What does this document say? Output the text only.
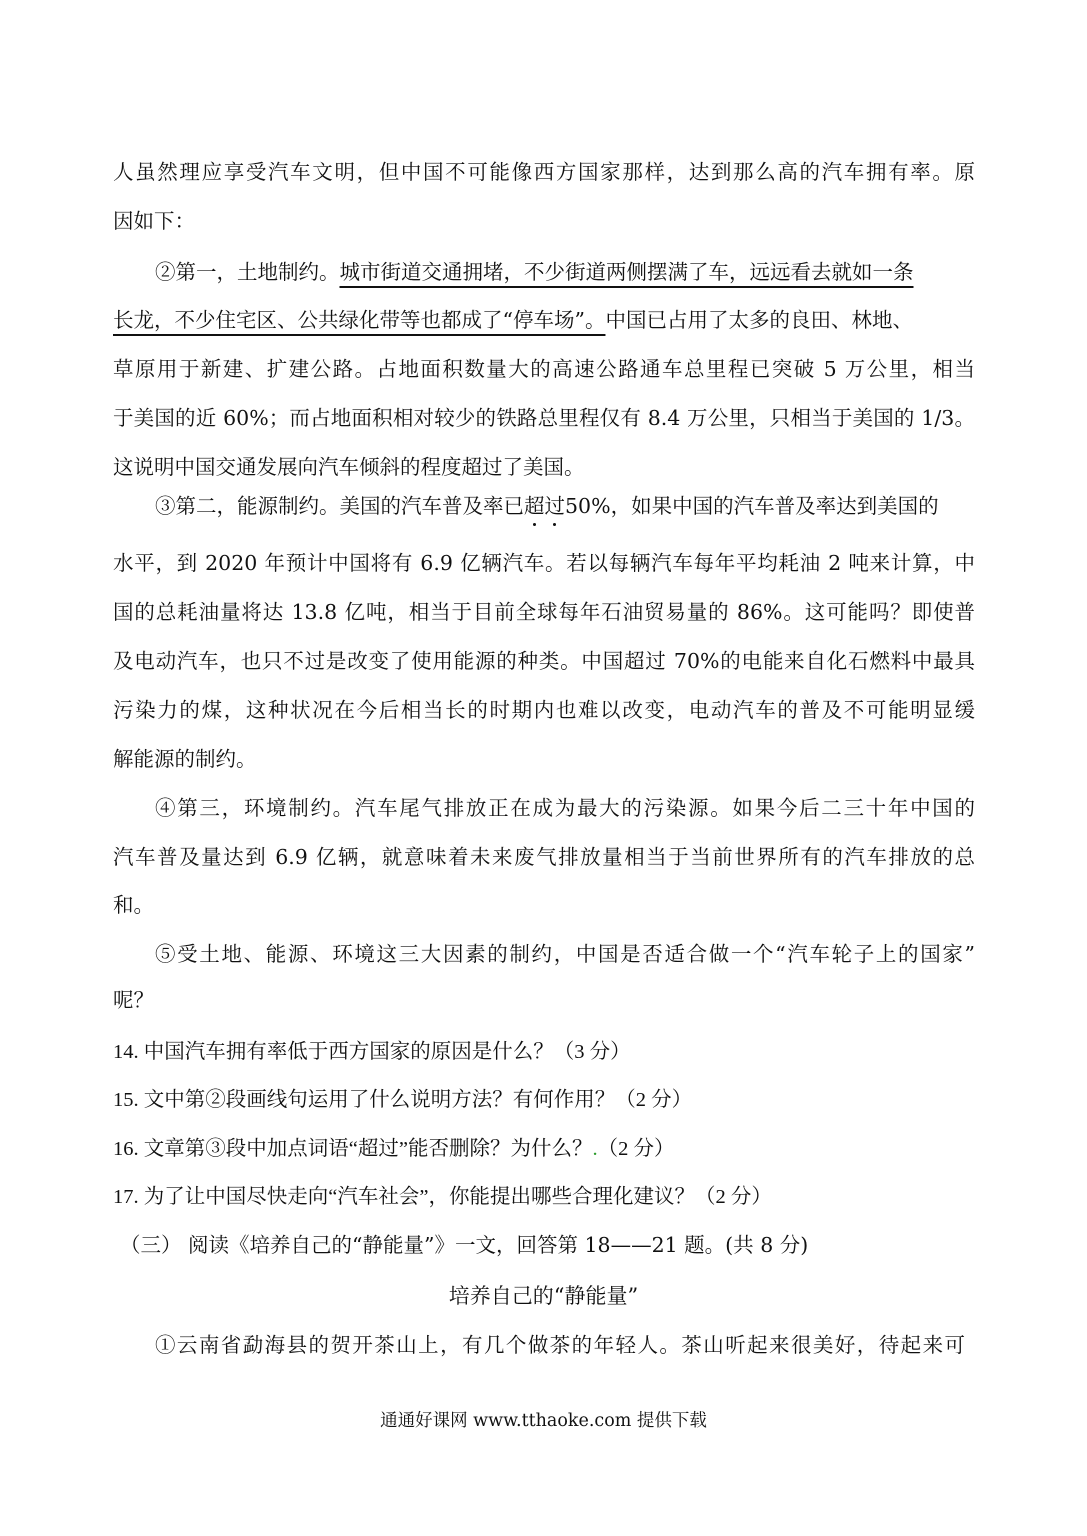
人虽然理应享受汽车文明，但中国不可能像西方国家那样，达到那么高的汽车拥有率。原
因如下：
②第一，土地制约。城市街道交通拥堵，不少街道两侧摆满了车，远远看去就如一条
长龙，不少住宅区、公共绿化带等也都成了“停车场”。中国已占用了太多的良田、林地、
草原用于新建、扩建公路。占地面积数量大的高速公路通车总里程已突破 5 万公里，相当
于美国的近 60%；而占地面积相对较少的铁路总里程仅有 8.4 万公里，只相当于美国的 1/3。
这说明中国交通发展向汽车倾斜的程度超过了美国。
③第二，能源制约。美国的汽车普及率已超过50%，如果中国的汽车普及率达到美国的
水平，到 2020 年预计中国将有 6.9 亿辆汽车。若以每辆汽车每年平均耗油 2 吨来计算，中
国的总耗油量将达 13.8 亿吨，相当于目前全球每年石油贸易量的 86%。这可能吗？即使普
及电动汽车，也只不过是改变了使用能源的种类。中国超过 70%的电能来自化石燃料中最具
污染力的煤，这种状况在今后相当长的时期内也难以改变，电动汽车的普及不可能明显缓
解能源的制约。
④第三，环境制约。汽车尾气排放正在成为最大的污染源。如果今后二三十年中国的
汽车普及量达到 6.9 亿辆，就意味着未来废气排放量相当于当前世界所有的汽车排放的总
和。
⑤受土地、能源、环境这三大因素的制约，中国是否适合做一个“汽车轮子上的国家”
呢？
14. 中国汽车拥有率低于西方国家的原因是什么？（3 分）
15. 文中第②段画线句运用了什么说明方法？有何作用？（2 分）
16. 文章第③段中加点词语“超过”能否删除？为什么？.（2 分）
17. 为了让中国尽快走向“汽车社会”，你能提出哪些合理化建议？（2 分）
（三） 阅读《培养自己的“静能量”》一文，回答第 18——21 题。(共 8 分)
培养自己的“静能量”
①云南省勐海县的贺开茶山上，有几个做茶的年轻人。茶山听起来很美好，待起来可
通通好课网 www.tthaoke.com 提供下载
